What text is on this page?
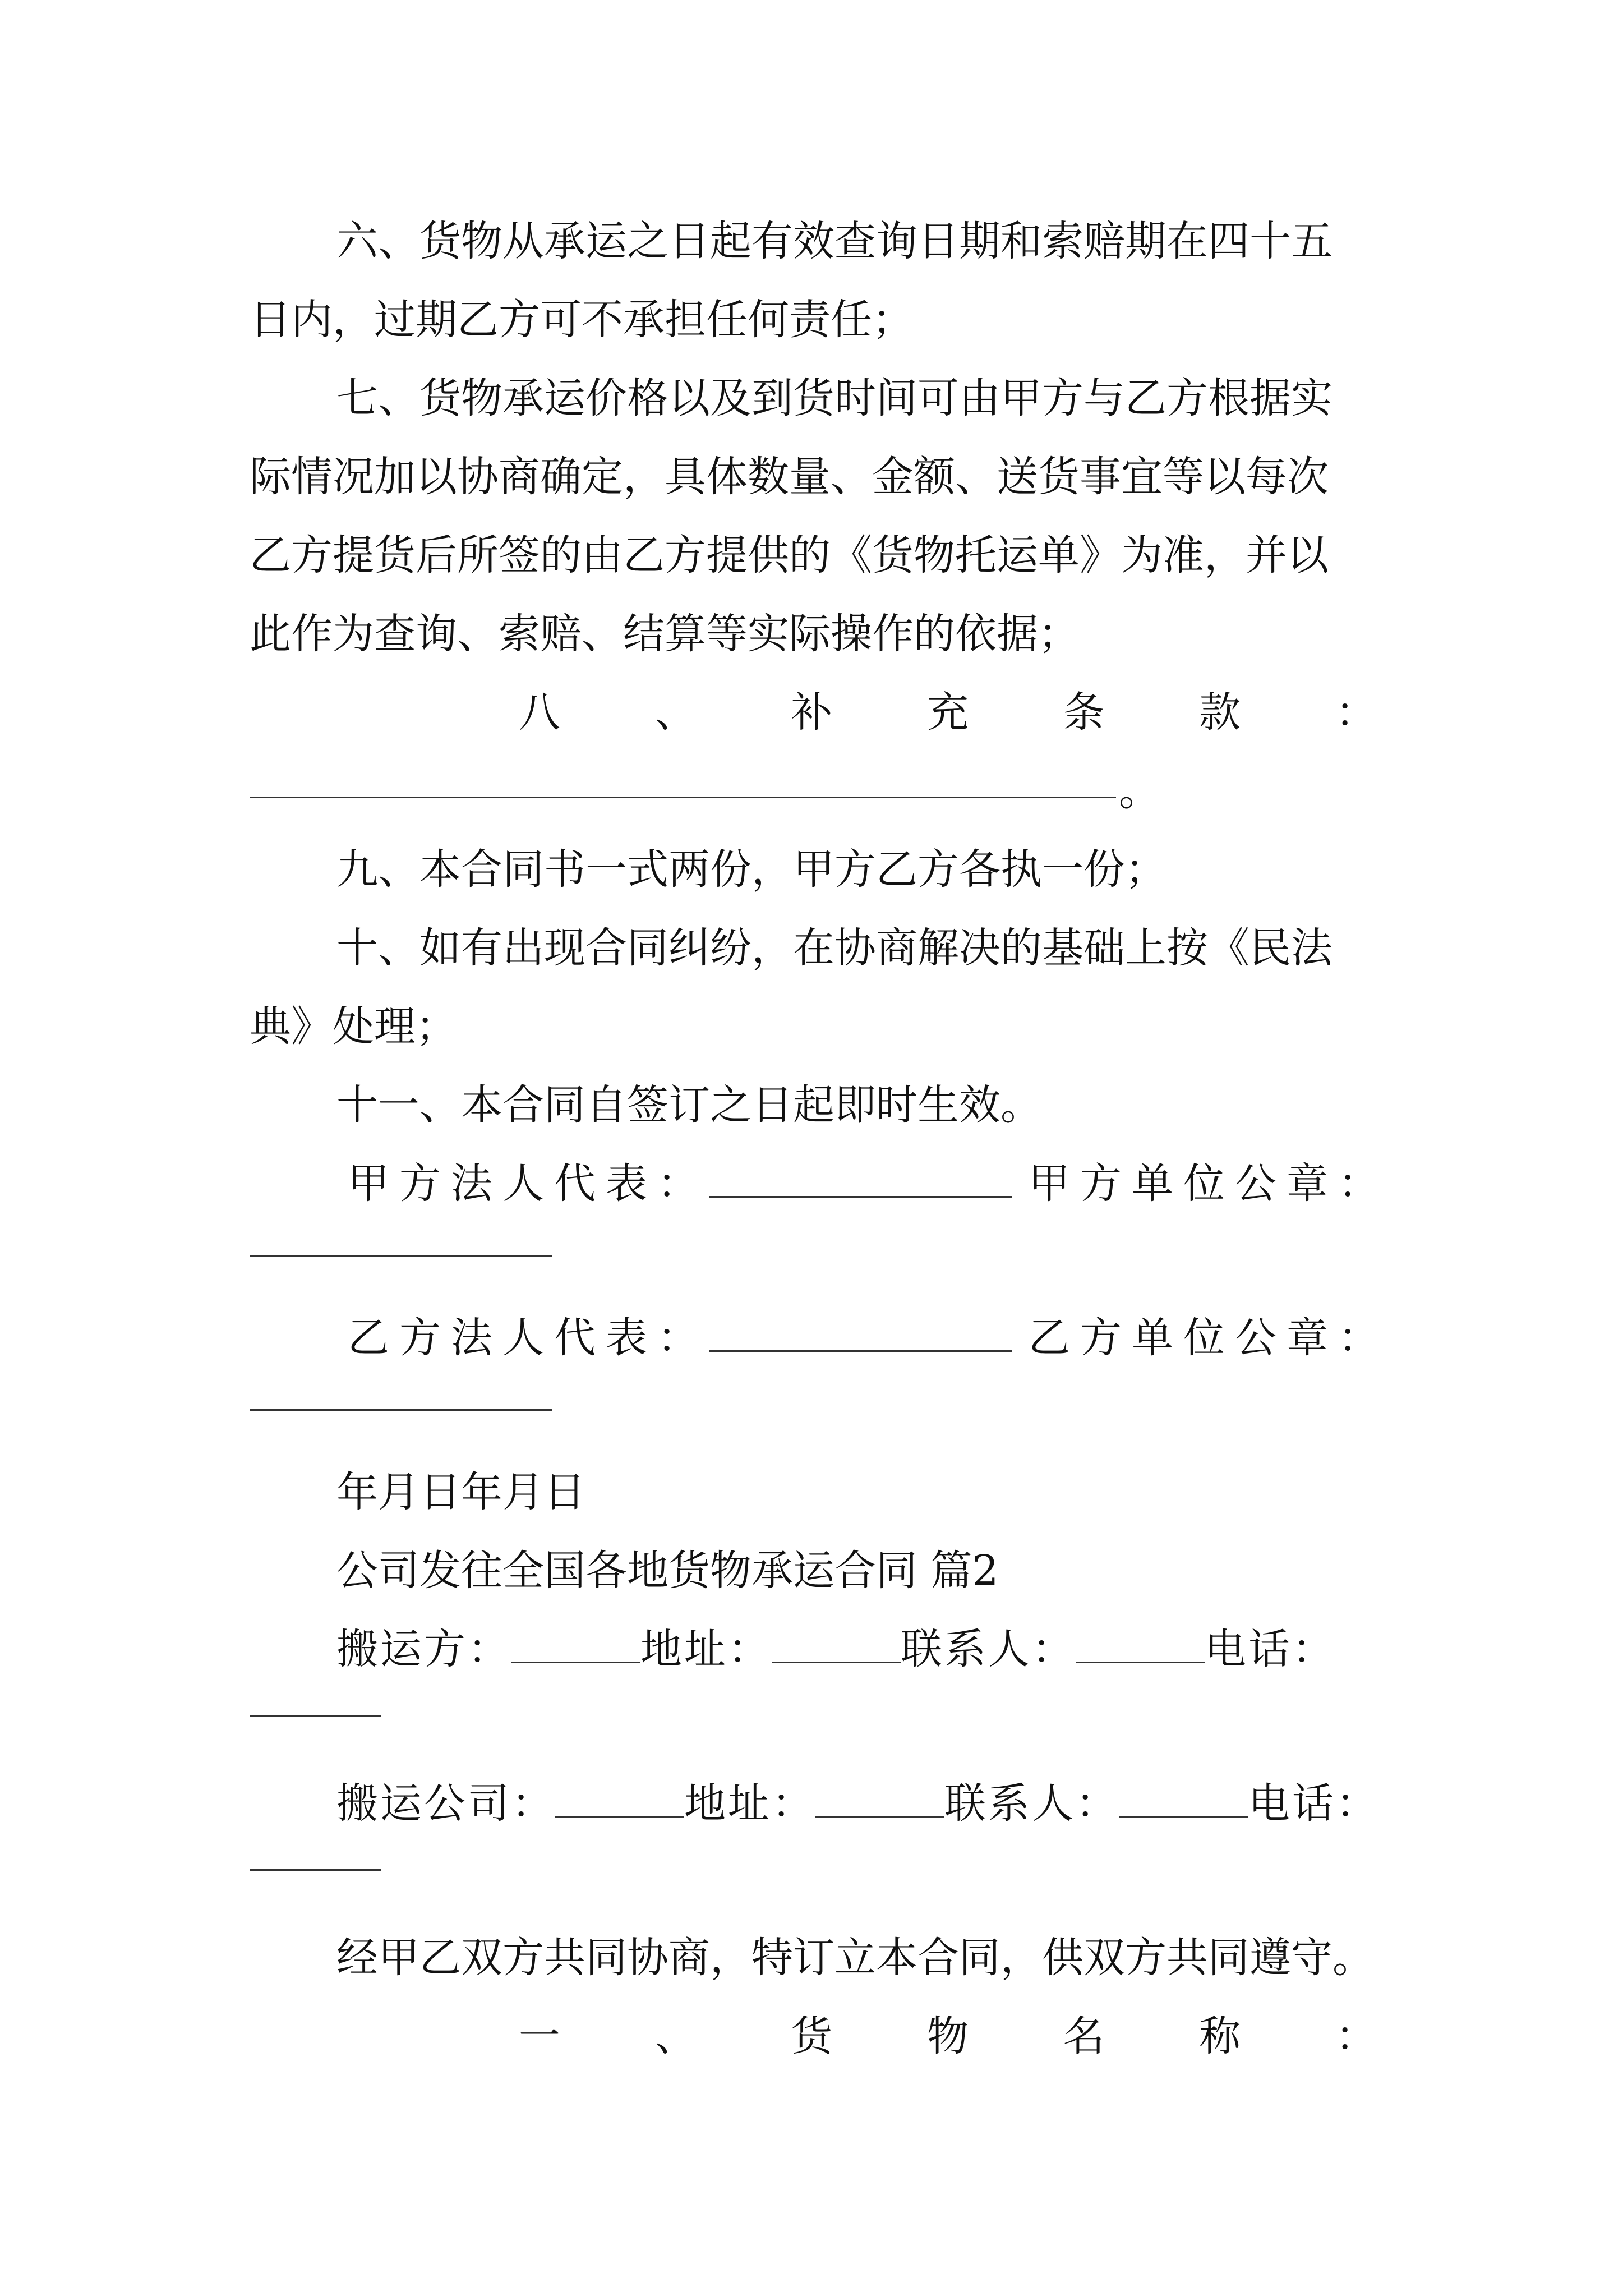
六、货物从承运之日起有效查询日期和索赔期在四十五

日内，过期乙方可不承担任何责任；

七、货物承运价格以及到货时间可由甲方与乙方根据实

际情况加以协商确定，具体数量、金额、送货事宜等以每次

乙方提货后所签的由乙方提供的《货物托运单》为准，并以

此作为查询、索赔、结算等实际操作的依据；

八 、 补 充 条 款 ：

。

九、本合同书一式两份，甲方乙方各执一份；

十、如有出现合同纠纷，在协商解决的基础上按《民法

典》处理；

十一、本合同自签订之日起即时生效。

甲方法人代表：	甲方单位公章：
乙方法人代表：	乙方单位公章：

年月日年月日

公司发往全国各地货物承运合同 篇2

搬运方：	地址：	联系人：	电话：
搬运公司：	地址：	联系人：	电话：

经甲乙双方共同协商，特订立本合同，供双方共同遵守。

一 、 货 物 名 称 ：
